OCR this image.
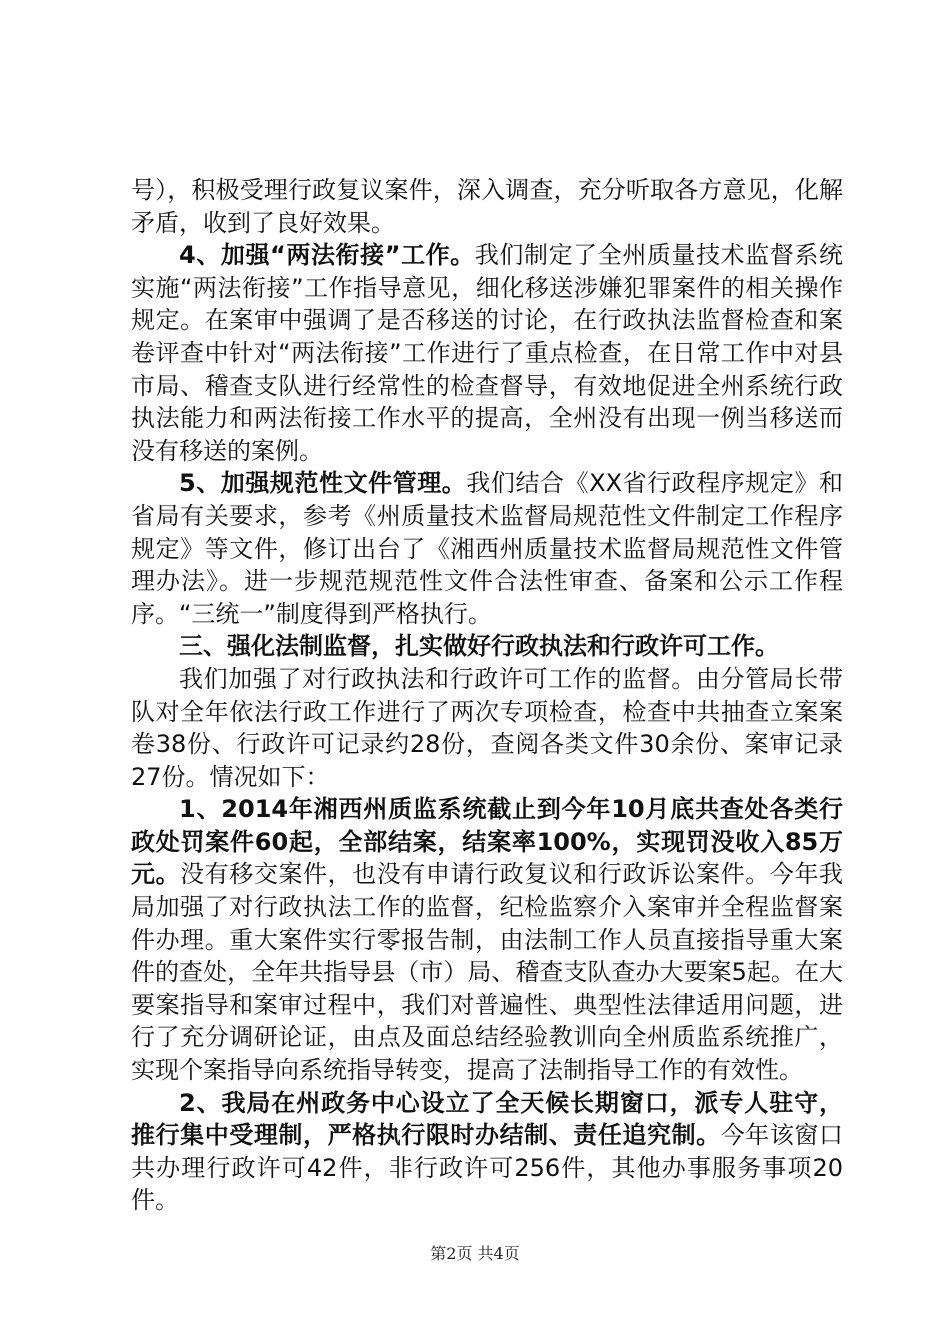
号），积极受理行政复议案件，深入调查，充分听取各方意见，化解矛盾，收到了良好效果。

4、加强“两法衔接”工作。我们制定了全州质量技术监督系统实施“两法衔接”工作指导意见，细化移送涉嫌犯罪案件的相关操作规定。在案审中强调了是否移送的讨论，在行政执法监督检查和案卷评查中针对“两法衔接”工作进行了重点检查，在日常工作中对县市局、稽查支队进行经常性的检查督导，有效地促进全州系统行政执法能力和两法衔接工作水平的提高，全州没有出现一例当移送而没有移送的案例。

5、加强规范性文件管理。我们结合《XX省行政程序规定》和省局有关要求，参考《州质量技术监督局规范性文件制定工作程序规定》等文件，修订出台了《湘西州质量技术监督局规范性文件管理办法》。进一步规范规范性文件合法性审查、备案和公示工作程序。“三统一”制度得到严格执行。

三、强化法制监督，扎实做好行政执法和行政许可工作。

我们加强了对行政执法和行政许可工作的监督。由分管局长带队对全年依法行政工作进行了两次专项检查，检查中共抽查立案案卷38份、行政许可记录约28份，查阅各类文件30余份、案审记录27份。情况如下：

1、2014年湘西州质监系统截止到今年10月底共查处各类行政处罚案件60起，全部结案，结案率100%，实现罚没收入85万元。没有移交案件，也没有申请行政复议和行政诉讼案件。今年我局加强了对行政执法工作的监督，纪检监察介入案审并全程监督案件办理。重大案件实行零报告制，由法制工作人员直接指导重大案件的查处，全年共指导县（市）局、稽查支队查办大要案5起。在大要案指导和案审过程中，我们对普遍性、典型性法律适用问题，进行了充分调研论证，由点及面总结经验教训向全州质监系统推广，实现个案指导向系统指导转变，提高了法制指导工作的有效性。

2、我局在州政务中心设立了全天候长期窗口，派专人驻守，推行集中受理制，严格执行限时办结制、责任追究制。今年该窗口共办理行政许可42件，非行政许可256件，其他办事服务事项20件。

第2页 共4页
